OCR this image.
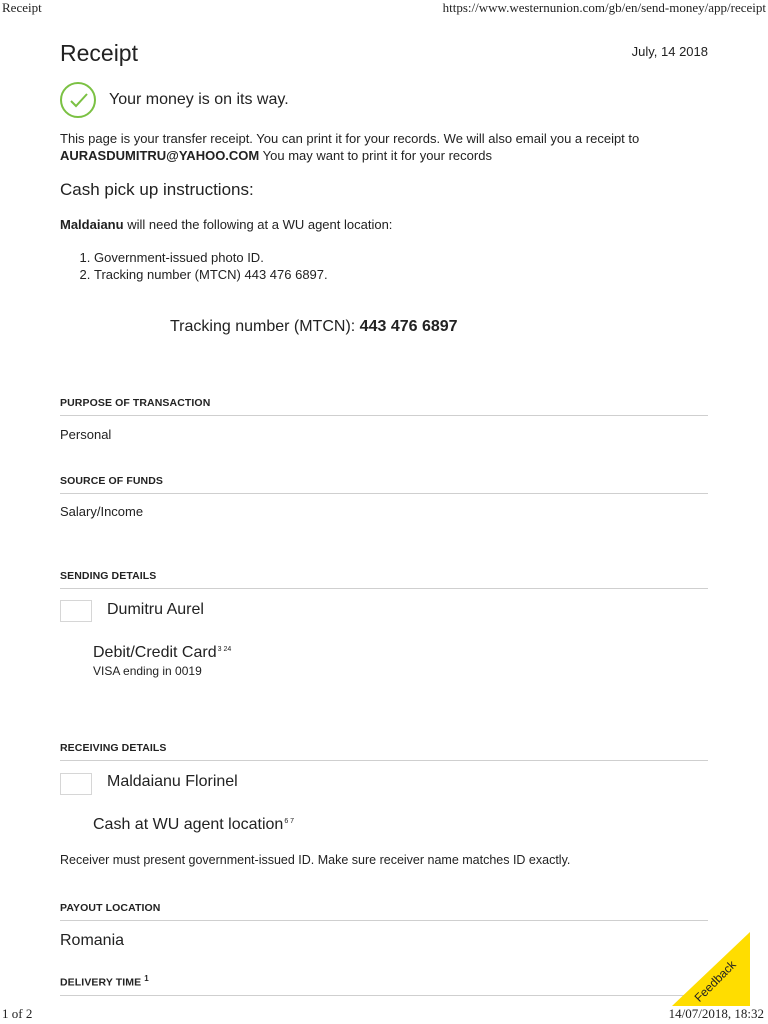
Receipt	https://www.westernunion.com/gb/en/send-money/app/receipt
Receipt	July, 14 2018
Your money is on its way.
This page is your transfer receipt. You can print it for your records. We will also email you a receipt to
AURASDUMITRU@YAHOO.COM You may want to print it for your records
Cash pick up instructions:
Maldaianu will need the following at a WU agent location:
1. Government-issued photo ID.
2. Tracking number (MTCN) 443 476 6897.
Tracking number (MTCN): 443 476 6897
PURPOSE OF TRANSACTION
Personal
SOURCE OF FUNDS
Salary/Income
SENDING DETAILS
Dumitru Aurel
Debit/Credit Card$^{3 24}$
VISA ending in 0019
RECEIVING DETAILS
Maldaianu Florinel
Cash at WU agent location$^{6 7}$
Receiver must present government-issued ID. Make sure receiver name matches ID exactly.
PAYOUT LOCATION
Romania
DELIVERY TIME $^1$	Feedback
1 of 2	14/07/2018, 18:32
